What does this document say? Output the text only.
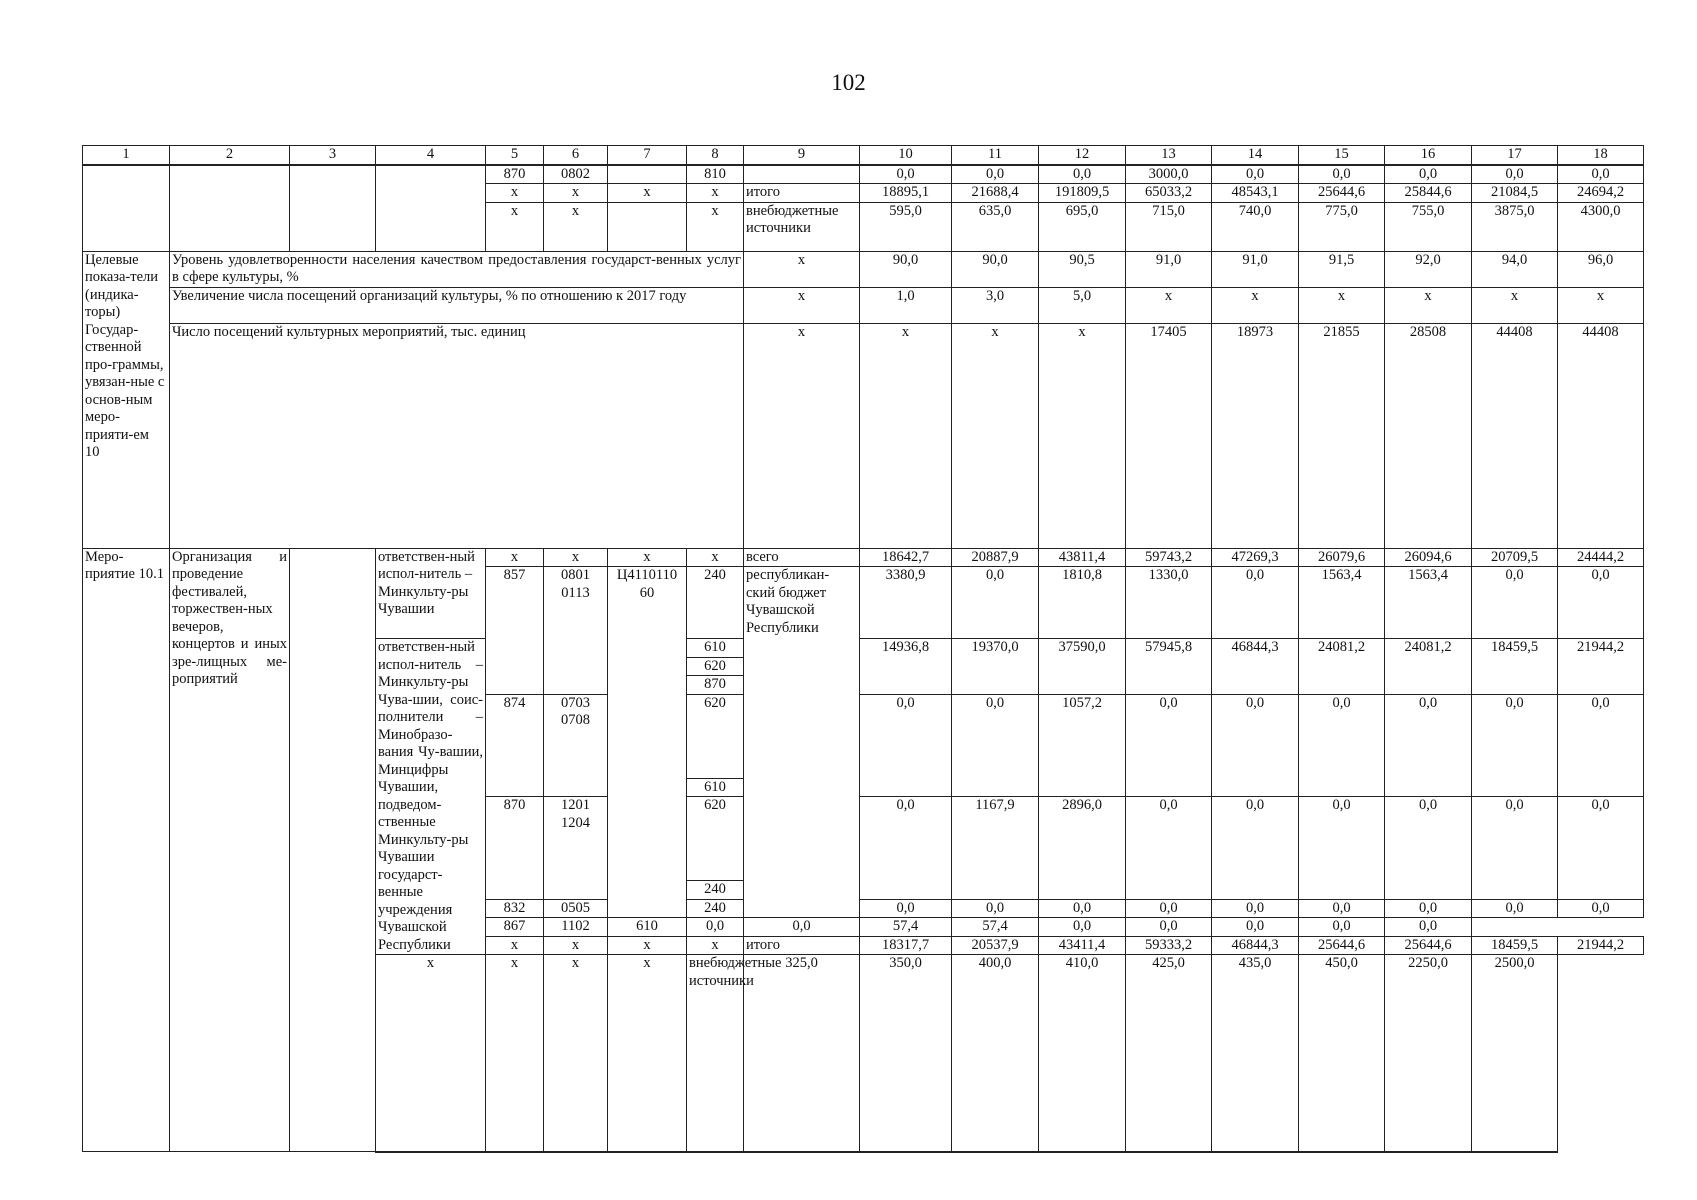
102
1	2	3	4	5	6	7	8	9	10	11	12	13	14	15	16	17	18
				870	0802		810		0,0	0,0	0,0	3000,0	0,0	0,0	0,0	0,0	0,0
				х	х	х	х	итого	18895,1	21688,4	191809,5	65033,2	48543,1	25644,6	25844,6	21084,5	24694,2
				х	х		х	внебюджетные источники	595,0	635,0	695,0	715,0	740,0	775,0	755,0	3875,0	4300,0
Целевые показа-тели (индика-торы) Государ-ственной про-граммы, увязан-ные с основ-ным меро-прияти-ем 10	Уровень удовлетворенности населения качеством предоставления государст-венных услуг в сфере культуры, %							х	90,0	90,0	90,5	91,0	91,0	91,5	92,0	94,0	96,0
	Увеличение числа посещений организаций культуры, % по отношению к 2017 году							х	1,0	3,0	5,0	х	х	х	х	х	х
	Число посещений культурных мероприятий, тыс. единиц							х	х	х	х	17405	18973	21855	28508	44408	44408
Меро-приятие 10.1	Организация и проведение фестивалей, торжествен-ных вечеров, концертов и иных зре-лищных ме-роприятий		ответствен-ный испол-нитель – Минкульту-ры Чувашии	х	х	х	х	всего	18642,7	20887,9	43811,4	59743,2	47269,3	26079,6	26094,6	20709,5	24444,2
				857	0801 0113	Ц4110110 60	240	республикан-ский бюджет Чувашской Республики	3380,9	0,0	1810,8	1330,0	0,0	1563,4	1563,4	0,0	0,0
			ответствен-ный испол-нитель – Минкульту-ры Чува-шии, соис-полнители – Минобразо-вания Чу-вашии, Минцифры Чувашии, подведом-ственные Минкульту-ры Чувашии государст-венные учреждения Чувашской Республики				610		14936,8	19370,0	37590,0	57945,8	46844,3	24081,2	24081,2	18459,5	21944,2
							620										
							870										
				874	0703 0708		620		0,0	0,0	1057,2	0,0	0,0	0,0	0,0	0,0	0,0
							610										
				870	1201 1204		620		0,0	1167,9	2896,0	0,0	0,0	0,0	0,0	0,0	0,0
							240										
				832	0505		240		0,0	0,0	0,0	0,0	0,0	0,0	0,0	0,0	0,0
				867	1102	610	0,0	0,0	57,4	57,4	0,0	0,0	0,0	0,0	0,0		
				х	х	х	х	итого	18317,7	20537,9	43411,4	59333,2	46844,3	25644,6	25644,6	18459,5	21944,2
			х	х	х	х	внебюджетные источники	325,0	350,0	400,0	410,0	425,0	435,0	450,0	2250,0	2500,0	
